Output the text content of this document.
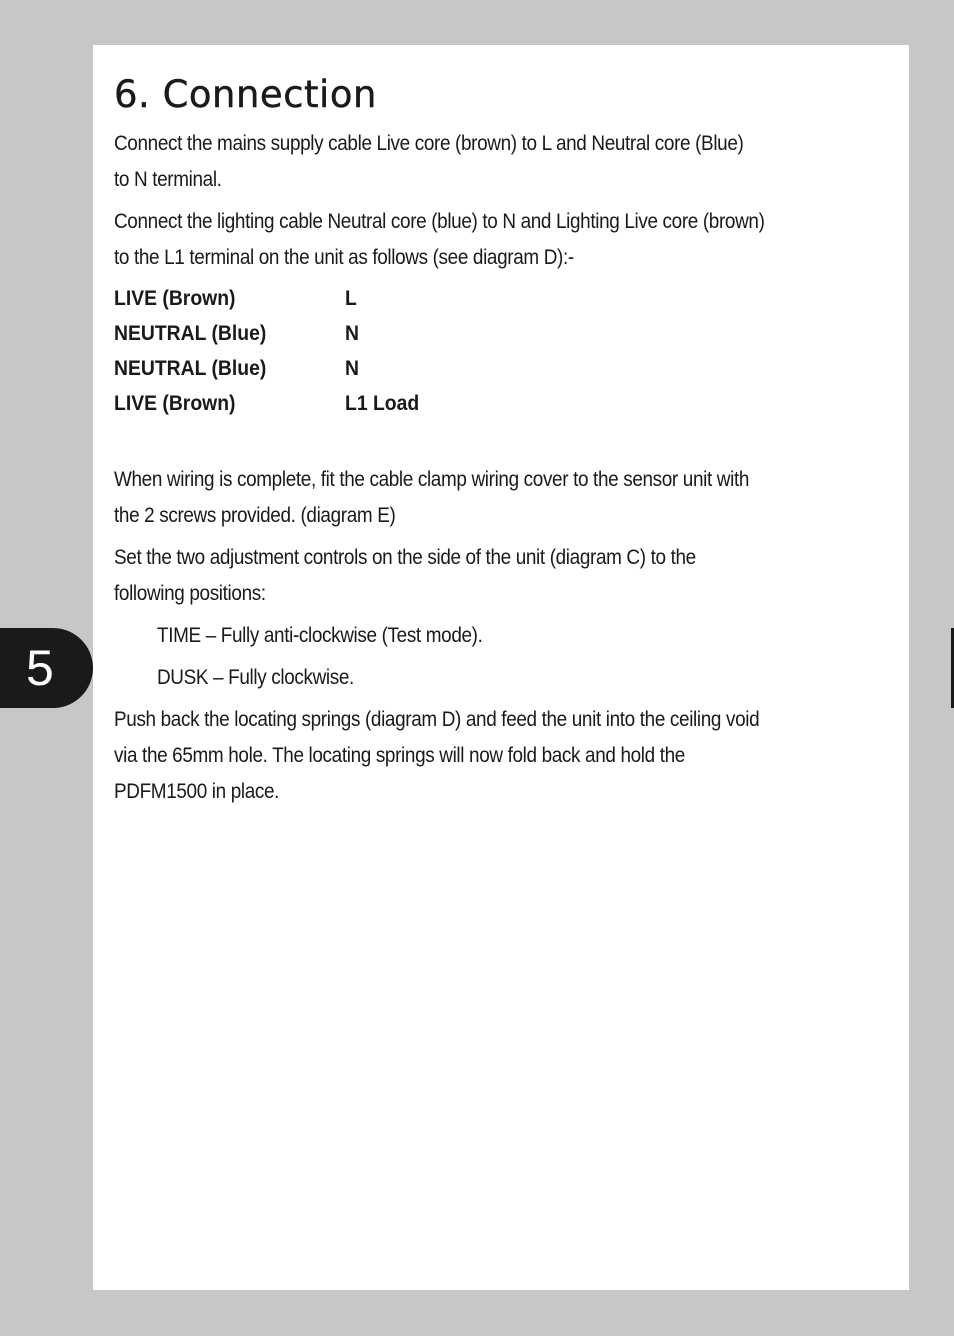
6. Connection

Connect the mains supply cable Live core (brown) to L and Neutral core (Blue)
to N terminal.

Connect the lighting cable Neutral core (blue) to N and Lighting Live core (brown)
to the L1 terminal on the unit as follows (see diagram D):-

LIVE (Brown)	L
NEUTRAL (Blue)	N
NEUTRAL (Blue)	N
LIVE (Brown)	L1 Load

When wiring is complete, fit the cable clamp wiring cover to the sensor unit with
the 2 screws provided. (diagram E)

Set the two adjustment controls on the side of the unit (diagram C) to the
following positions:

TIME – Fully anti-clockwise (Test mode).

DUSK – Fully clockwise.

Push back the locating springs (diagram D) and feed the unit into the ceiling void
via the 65mm hole. The locating springs will now fold back and hold the
PDFM1500 in place.

5
